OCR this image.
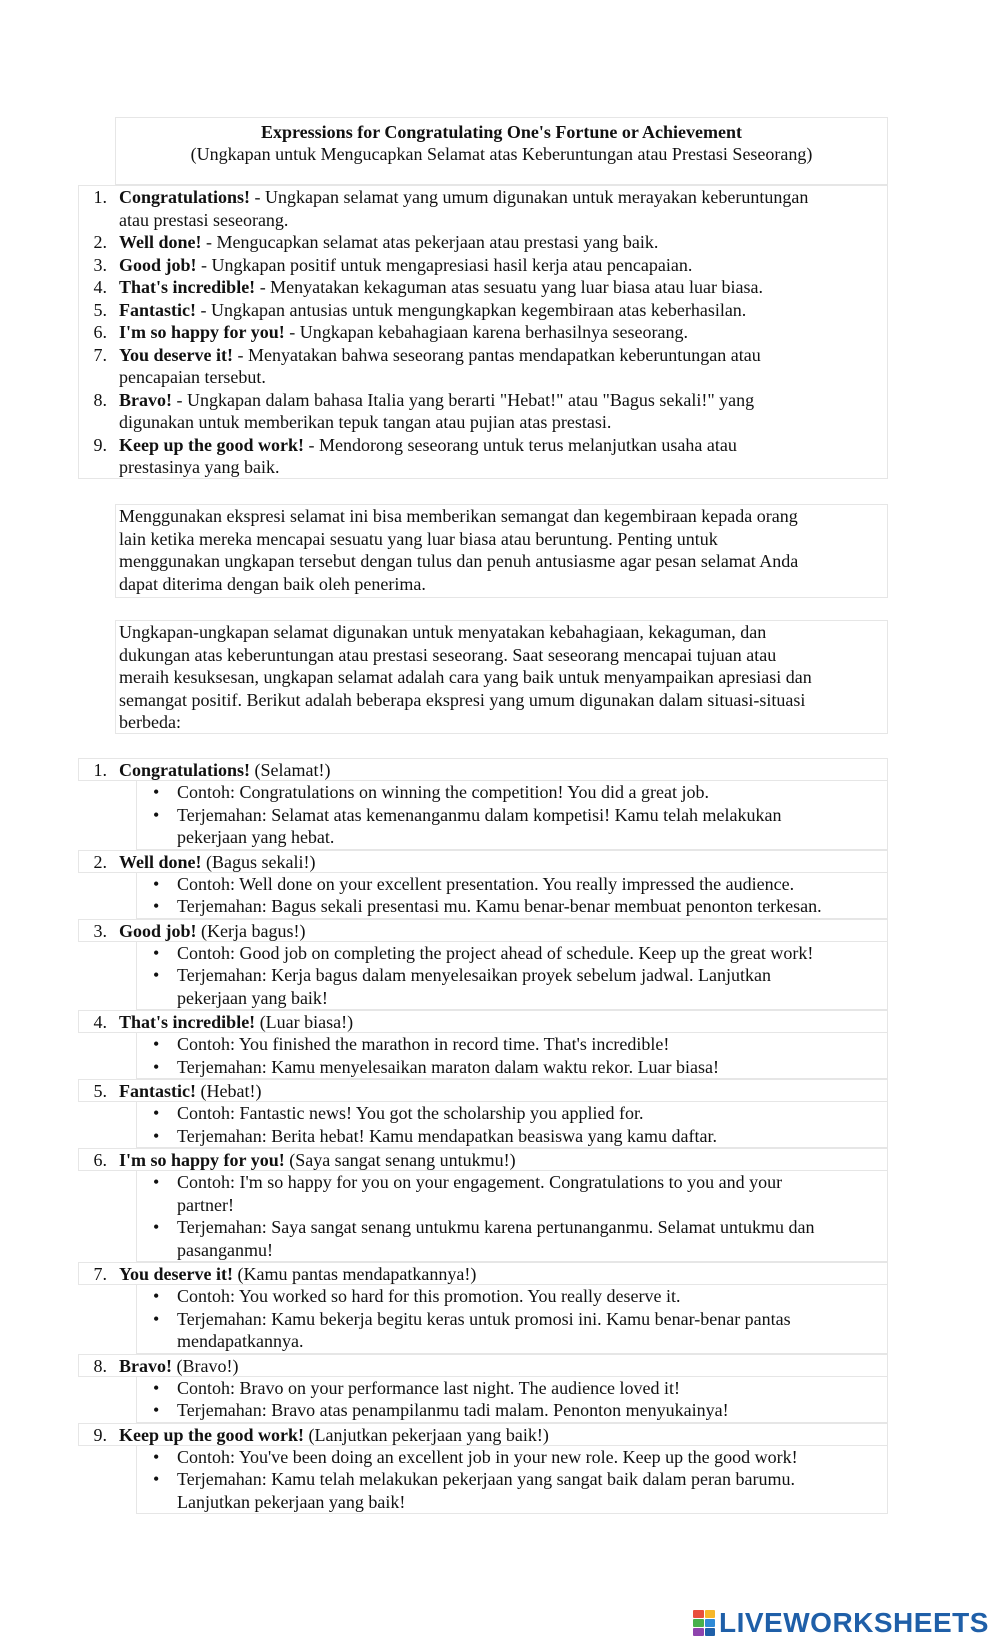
Expressions for Congratulating One's Fortune or Achievement
(Ungkapan untuk Mengucapkan Selamat atas Keberuntungan atau Prestasi Seseorang)
1. Congratulations! - Ungkapan selamat yang umum digunakan untuk merayakan keberuntungan
atau prestasi seseorang.
2. Well done! - Mengucapkan selamat atas pekerjaan atau prestasi yang baik.
3. Good job! - Ungkapan positif untuk mengapresiasi hasil kerja atau pencapaian.
4. That's incredible! - Menyatakan kekaguman atas sesuatu yang luar biasa atau luar biasa.
5. Fantastic! - Ungkapan antusias untuk mengungkapkan kegembiraan atas keberhasilan.
6. I'm so happy for you! - Ungkapan kebahagiaan karena berhasilnya seseorang.
7. You deserve it! - Menyatakan bahwa seseorang pantas mendapatkan keberuntungan atau
pencapaian tersebut.
8. Bravo! - Ungkapan dalam bahasa Italia yang berarti "Hebat!" atau "Bagus sekali!" yang
digunakan untuk memberikan tepuk tangan atau pujian atas prestasi.
9. Keep up the good work! - Mendorong seseorang untuk terus melanjutkan usaha atau
prestasinya yang baik.
Menggunakan ekspresi selamat ini bisa memberikan semangat dan kegembiraan kepada orang
lain ketika mereka mencapai sesuatu yang luar biasa atau beruntung. Penting untuk
menggunakan ungkapan tersebut dengan tulus dan penuh antusiasme agar pesan selamat Anda
dapat diterima dengan baik oleh penerima.
Ungkapan-ungkapan selamat digunakan untuk menyatakan kebahagiaan, kekaguman, dan
dukungan atas keberuntungan atau prestasi seseorang. Saat seseorang mencapai tujuan atau
meraih kesuksesan, ungkapan selamat adalah cara yang baik untuk menyampaikan apresiasi dan
semangat positif. Berikut adalah beberapa ekspresi yang umum digunakan dalam situasi-situasi
berbeda:
1. Congratulations! (Selamat!)
• Contoh: Congratulations on winning the competition! You did a great job.
• Terjemahan: Selamat atas kemenanganmu dalam kompetisi! Kamu telah melakukan
pekerjaan yang hebat.
2. Well done! (Bagus sekali!)
• Contoh: Well done on your excellent presentation. You really impressed the audience.
• Terjemahan: Bagus sekali presentasi mu. Kamu benar-benar membuat penonton terkesan.
3. Good job! (Kerja bagus!)
• Contoh: Good job on completing the project ahead of schedule. Keep up the great work!
• Terjemahan: Kerja bagus dalam menyelesaikan proyek sebelum jadwal. Lanjutkan
pekerjaan yang baik!
4. That's incredible! (Luar biasa!)
• Contoh: You finished the marathon in record time. That's incredible!
• Terjemahan: Kamu menyelesaikan maraton dalam waktu rekor. Luar biasa!
5. Fantastic! (Hebat!)
• Contoh: Fantastic news! You got the scholarship you applied for.
• Terjemahan: Berita hebat! Kamu mendapatkan beasiswa yang kamu daftar.
6. I'm so happy for you! (Saya sangat senang untukmu!)
• Contoh: I'm so happy for you on your engagement. Congratulations to you and your
partner!
• Terjemahan: Saya sangat senang untukmu karena pertunanganmu. Selamat untukmu dan
pasanganmu!
7. You deserve it! (Kamu pantas mendapatkannya!)
• Contoh: You worked so hard for this promotion. You really deserve it.
• Terjemahan: Kamu bekerja begitu keras untuk promosi ini. Kamu benar-benar pantas
mendapatkannya.
8. Bravo! (Bravo!)
• Contoh: Bravo on your performance last night. The audience loved it!
• Terjemahan: Bravo atas penampilanmu tadi malam. Penonton menyukainya!
9. Keep up the good work! (Lanjutkan pekerjaan yang baik!)
• Contoh: You've been doing an excellent job in your new role. Keep up the good work!
• Terjemahan: Kamu telah melakukan pekerjaan yang sangat baik dalam peran barumu.
Lanjutkan pekerjaan yang baik!
LIVEWORKSHEETS
